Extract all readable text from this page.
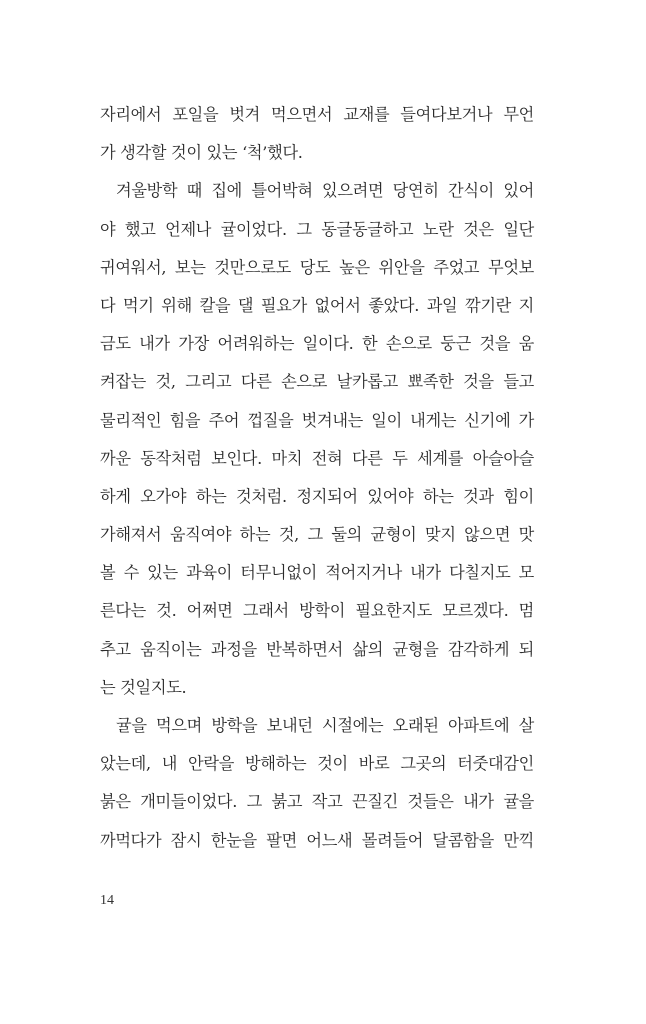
자리에서 포일을 벗겨 먹으면서 교재를 들여다보거나 무언
가 생각할 것이 있는 ‘척’했다.
겨울방학 때 집에 틀어박혀 있으려면 당연히 간식이 있어
야 했고 언제나 귤이었다. 그 동글동글하고 노란 것은 일단
귀여워서, 보는 것만으로도 당도 높은 위안을 주었고 무엇보
다 먹기 위해 칼을 댈 필요가 없어서 좋았다. 과일 깎기란 지
금도 내가 가장 어려워하는 일이다. 한 손으로 둥근 것을 움
켜잡는 것, 그리고 다른 손으로 날카롭고 뾰족한 것을 들고
물리적인 힘을 주어 껍질을 벗겨내는 일이 내게는 신기에 가
까운 동작처럼 보인다. 마치 전혀 다른 두 세계를 아슬아슬
하게 오가야 하는 것처럼. 정지되어 있어야 하는 것과 힘이
가해져서 움직여야 하는 것, 그 둘의 균형이 맞지 않으면 맛
볼 수 있는 과육이 터무니없이 적어지거나 내가 다칠지도 모
른다는 것. 어쩌면 그래서 방학이 필요한지도 모르겠다. 멈
추고 움직이는 과정을 반복하면서 삶의 균형을 감각하게 되
는 것일지도.
귤을 먹으며 방학을 보내던 시절에는 오래된 아파트에 살
았는데, 내 안락을 방해하는 것이 바로 그곳의 터줏대감인
붉은 개미들이었다. 그 붉고 작고 끈질긴 것들은 내가 귤을
까먹다가 잠시 한눈을 팔면 어느새 몰려들어 달콤함을 만끽
14
